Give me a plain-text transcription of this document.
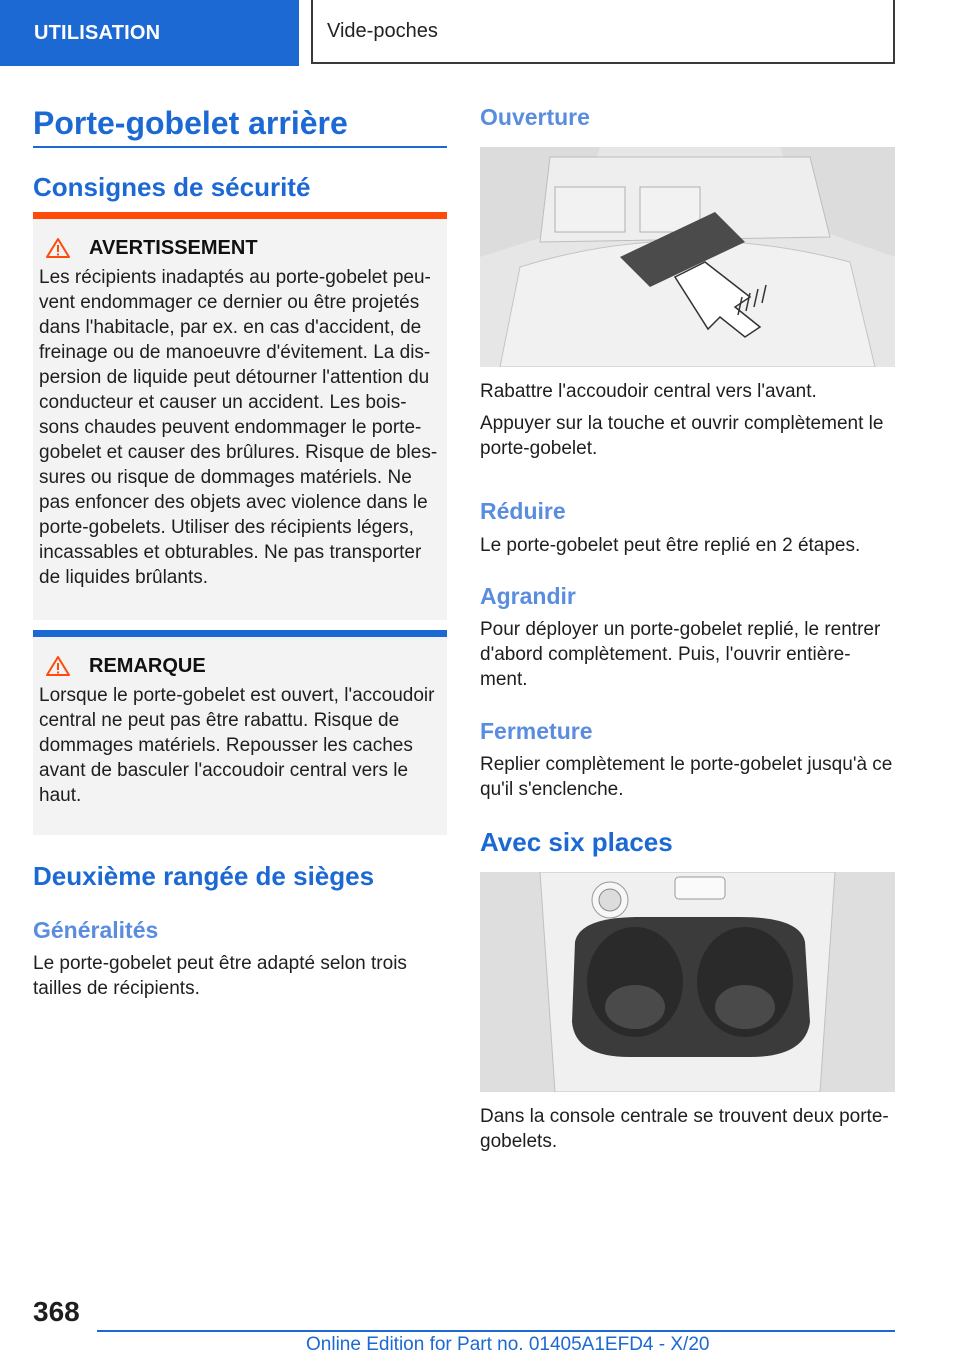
UTILISATION	Vide-poches
Porte-gobelet arrière
Consignes de sécurité
AVERTISSEMENT
Les récipients inadaptés au porte-gobelet peu-vent endommager ce dernier ou être projetés dans l'habitacle, par ex. en cas d'accident, de freinage ou de manoeuvre d'évitement. La dis-persion de liquide peut détourner l'attention du conducteur et causer un accident. Les bois-sons chaudes peuvent endommager le porte-gobelet et causer des brûlures. Risque de bles-sures ou risque de dommages matériels. Ne pas enfoncer des objets avec violence dans le porte-gobelets. Utiliser des récipients légers, incassables et obturables. Ne pas transporter de liquides brûlants.
REMARQUE
Lorsque le porte-gobelet est ouvert, l'accoudoir central ne peut pas être rabattu. Risque de dommages matériels. Repousser les caches avant de basculer l'accoudoir central vers le haut.
Deuxième rangée de sièges
Généralités

Le porte-gobelet peut être adapté selon trois tailles de récipients.

Ouverture

Rabattre l'accoudoir central vers l'avant.

Appuyer sur la touche et ouvrir complètement le porte-gobelet.

Réduire

Le porte-gobelet peut être replié en 2 étapes.

Agrandir

Pour déployer un porte-gobelet replié, le rentrer d'abord complètement. Puis, l'ouvrir entière-ment.

Fermeture

Replier complètement le porte-gobelet jusqu'à ce qu'il s'enclenche.

Avec six places

Dans la console centrale se trouvent deux porte-gobelets.

368
Online Edition for Part no. 01405A1EFD4 - X/20
